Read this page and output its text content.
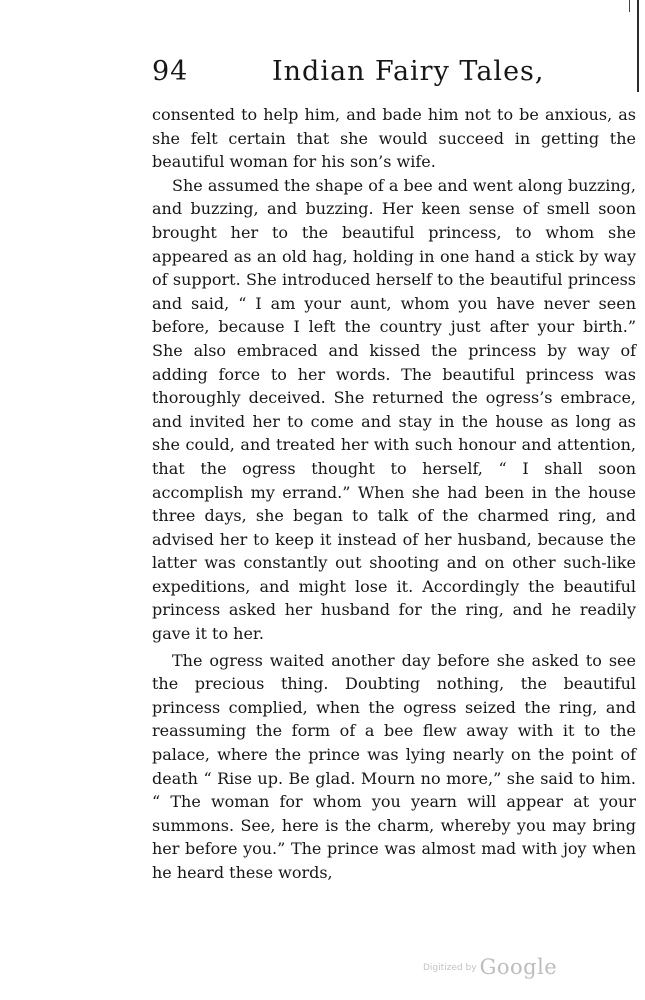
94	Indian Fairy Tales,

consented to help him, and bade him not to be anxious, as she felt certain that she would succeed in getting the beautiful woman for his son’s wife.

She assumed the shape of a bee and went along buzzing, and buzzing, and buzzing. Her keen sense of smell soon brought her to the beautiful princess, to whom she appeared as an old hag, holding in one hand a stick by way of support. She introduced herself to the beautiful princess and said, “ I am your aunt, whom you have never seen before, because I left the country just after your birth.” She also embraced and kissed the princess by way of adding force to her words. The beautiful princess was thoroughly deceived. She returned the ogress’s embrace, and invited her to come and stay in the house as long as she could, and treated her with such honour and attention, that the ogress thought to herself, “ I shall soon accomplish my errand.” When she had been in the house three days, she began to talk of the charmed ring, and advised her to keep it instead of her husband, because the latter was constantly out shooting and on other such-like expeditions, and might lose it. Accordingly the beautiful princess asked her husband for the ring, and he readily gave it to her.

The ogress waited another day before she asked to see the precious thing. Doubting nothing, the beautiful princess complied, when the ogress seized the ring, and reassuming the form of a bee flew away with it to the palace, where the prince was lying nearly on the point of death “ Rise up. Be glad. Mourn no more,” she said to him. “ The woman for whom you yearn will appear at your summons. See, here is the charm, whereby you may bring her before you.” The prince was almost mad with joy when he heard these words,

$^{Digitized by}$ Google
